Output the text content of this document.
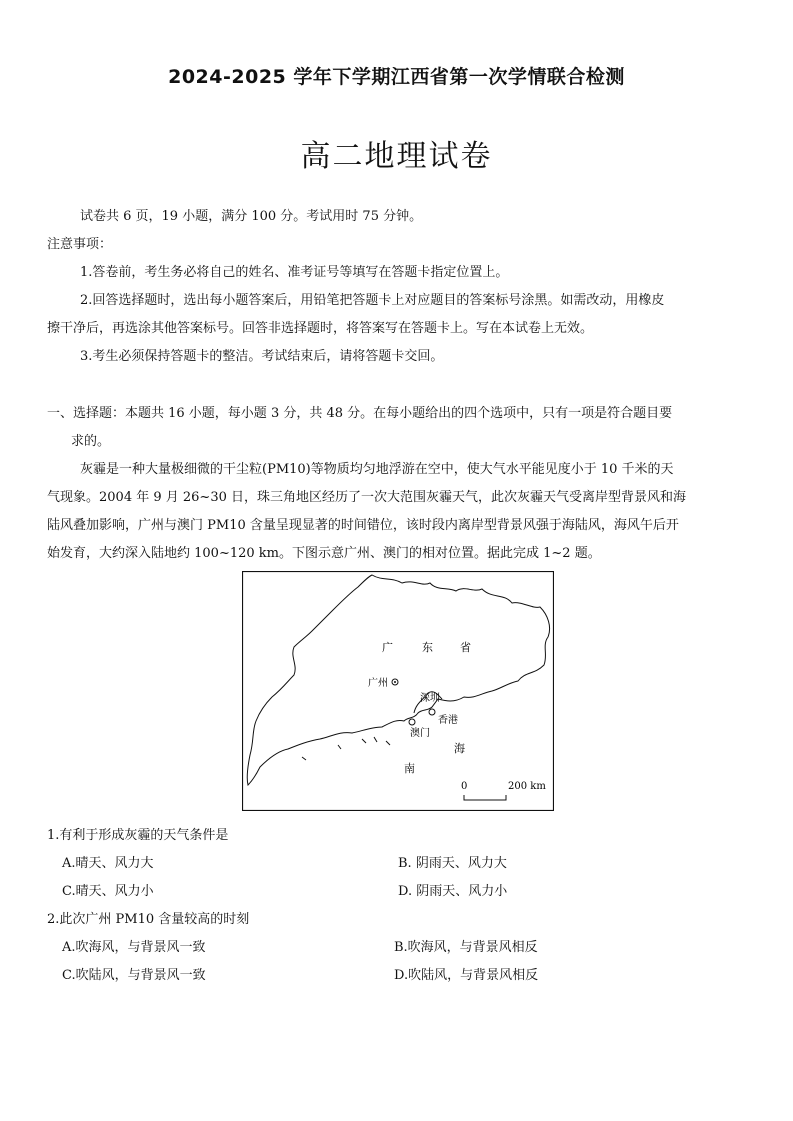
2024-2025 学年下学期江西省第一次学情联合检测
高二地理试卷
试卷共 6 页，19 小题，满分 100 分。考试用时 75 分钟。
注意事项：
1.答卷前，考生务必将自己的姓名、准考证号等填写在答题卡指定位置上。
2.回答选择题时，选出每小题答案后，用铅笔把答题卡上对应题目的答案标号涂黑。如需改动，用橡皮
擦干净后，再选涂其他答案标号。回答非选择题时，将答案写在答题卡上。写在本试卷上无效。
3.考生必须保持答题卡的整洁。考试结束后，请将答题卡交回。
一、选择题：本题共 16 小题，每小题 3 分，共 48 分。在每小题给出的四个选项中，只有一项是符合题目要
求的。
灰霾是一种大量极细微的干尘粒(PM10)等物质均匀地浮游在空中，使大气水平能见度小于 10 千米的天
气现象。2004 年 9 月 26~30 日，珠三角地区经历了一次大范围灰霾天气，此次灰霾天气受离岸型背景风和海
陆风叠加影响，广州与澳门 PM10 含量呈现显著的时间错位，该时段内离岸型背景风强于海陆风，海风午后开
始发育，大约深入陆地约 100~120 km。下图示意广州、澳门的相对位置。据此完成 1~2 题。
广	东 省
广州
深圳
香港
澳门
海
南
0	200 km
1.有利于形成灰霾的天气条件是
A.晴天、风力大	B. 阴雨天、风力大
C.晴天、风力小	D. 阴雨天、风力小
2.此次广州 PM10 含量较高的时刻
A.吹海风，与背景风一致	B.吹海风，与背景风相反
C.吹陆风，与背景风一致	D.吹陆风，与背景风相反
